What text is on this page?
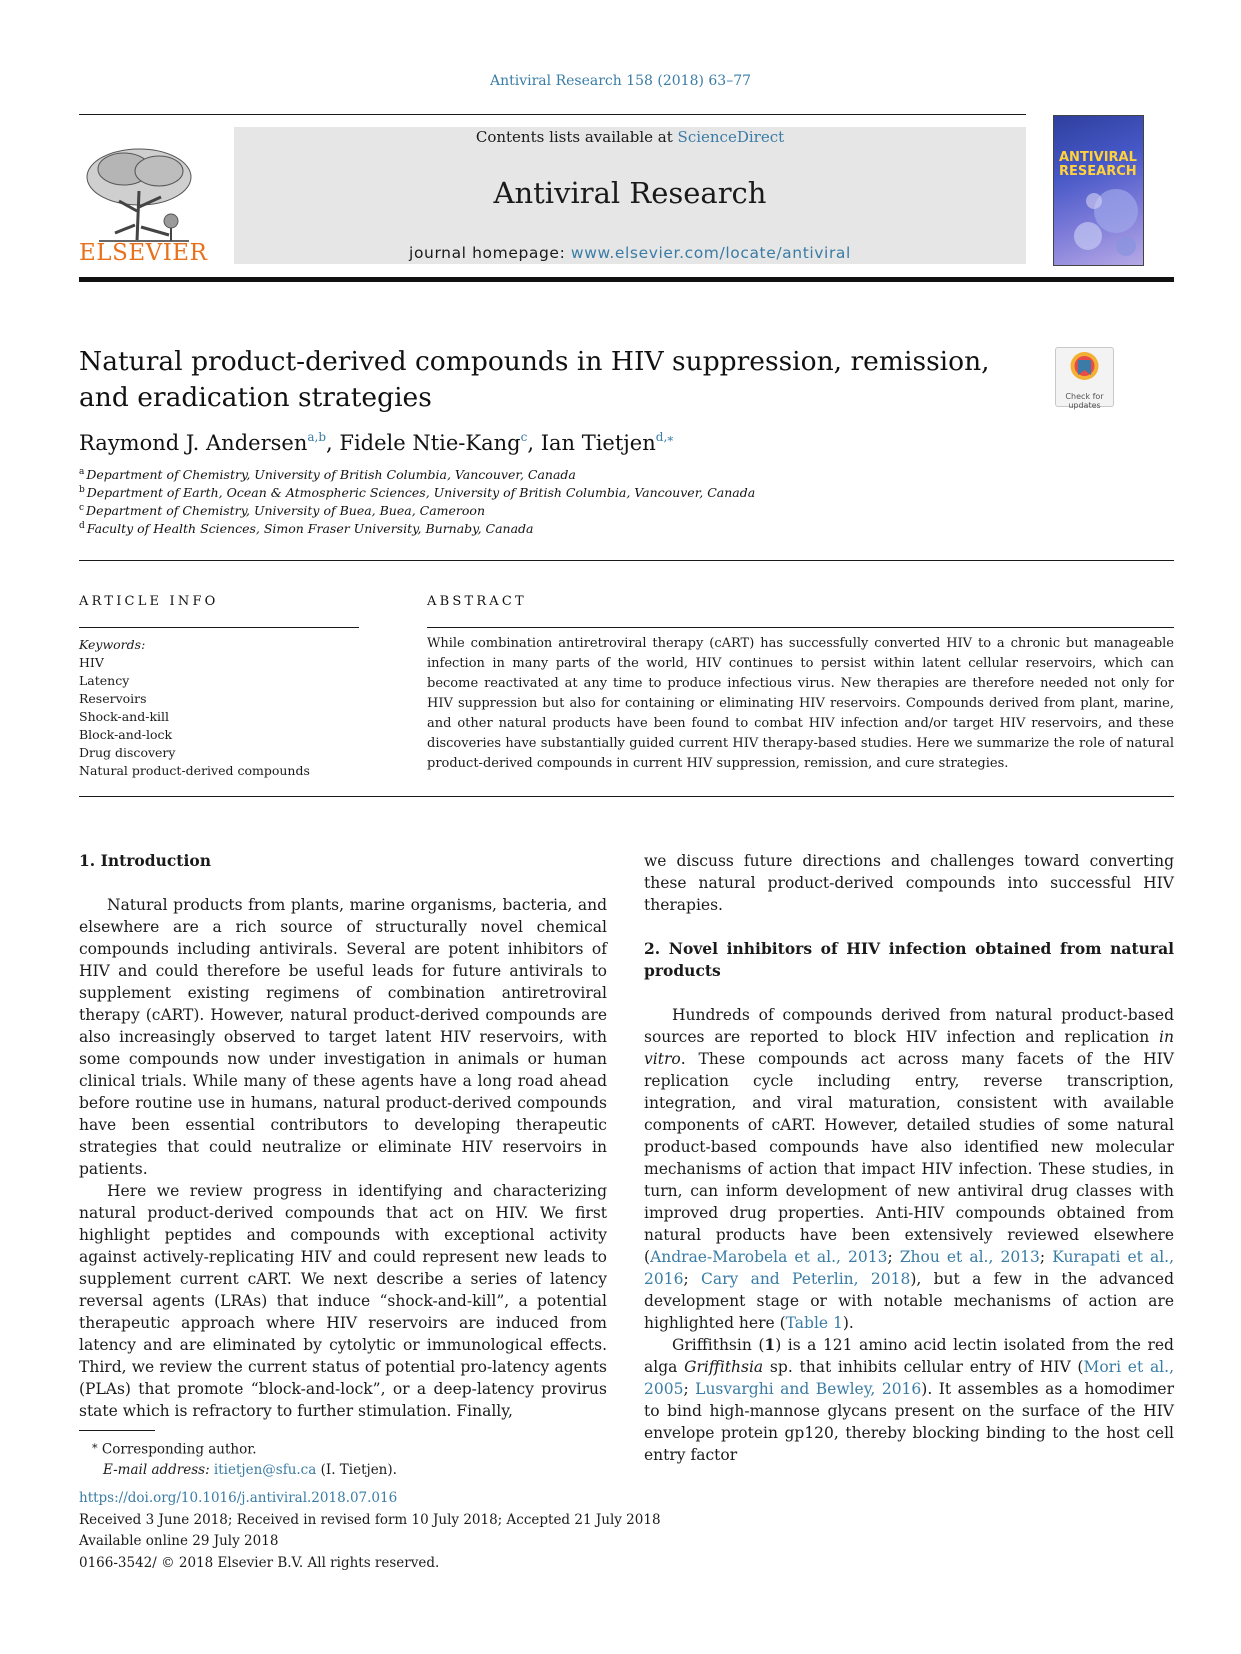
Antiviral Research 158 (2018) 63–77
ELSEVIER
Contents lists available at ScienceDirect
Antiviral Research
journal homepage: www.elsevier.com/locate/antiviral
ANTIVIRAL
RESEARCH
Natural product-derived compounds in HIV suppression, remission, and eradication strategies	Check for
updates
Raymond J. Andersen$^{a,b}$, Fidele Ntie-Kang$^c$, Ian Tietjen$^{d,⁎}$
$^a$ Department of Chemistry, University of British Columbia, Vancouver, Canada
$^b$ Department of Earth, Ocean & Atmospheric Sciences, University of British Columbia, Vancouver, Canada
$^c$ Department of Chemistry, University of Buea, Buea, Cameroon
$^d$ Faculty of Health Sciences, Simon Fraser University, Burnaby, Canada
ARTICLE INFO	ABSTRACT
Keywords:
HIV
Latency
Reservoirs
Shock-and-kill
Block-and-lock
Drug discovery
Natural product-derived compounds
While combination antiretroviral therapy (cART) has successfully converted HIV to a chronic but manageable infection in many parts of the world, HIV continues to persist within latent cellular reservoirs, which can become reactivated at any time to produce infectious virus. New therapies are therefore needed not only for HIV suppression but also for containing or eliminating HIV reservoirs. Compounds derived from plant, marine, and other natural products have been found to combat HIV infection and/or target HIV reservoirs, and these discoveries have substantially guided current HIV therapy-based studies. Here we summarize the role of natural product-derived compounds in current HIV suppression, remission, and cure strategies.

1. Introduction

Natural products from plants, marine organisms, bacteria, and elsewhere are a rich source of structurally novel chemical compounds including antivirals. Several are potent inhibitors of HIV and could therefore be useful leads for future antivirals to supplement existing regimens of combination antiretroviral therapy (cART). However, natural product-derived compounds are also increasingly observed to target latent HIV reservoirs, with some compounds now under investigation in animals or human clinical trials. While many of these agents have a long road ahead before routine use in humans, natural product-derived compounds have been essential contributors to developing therapeutic strategies that could neutralize or eliminate HIV reservoirs in patients.

Here we review progress in identifying and characterizing natural product-derived compounds that act on HIV. We first highlight peptides and compounds with exceptional activity against actively-replicating HIV and could represent new leads to supplement current cART. We next describe a series of latency reversal agents (LRAs) that induce “shock-and-kill”, a potential therapeutic approach where HIV reservoirs are induced from latency and are eliminated by cytolytic or immunological effects. Third, we review the current status of potential pro-latency agents (PLAs) that promote “block-and-lock”, or a deep-latency provirus state which is refractory to further stimulation. Finally,

we discuss future directions and challenges toward converting these natural product-derived compounds into successful HIV therapies.

2. Novel inhibitors of HIV infection obtained from natural products

Hundreds of compounds derived from natural product-based sources are reported to block HIV infection and replication in vitro. These compounds act across many facets of the HIV replication cycle including entry, reverse transcription, integration, and viral maturation, consistent with available components of cART. However, detailed studies of some natural product-based compounds have also identified new molecular mechanisms of action that impact HIV infection. These studies, in turn, can inform development of new antiviral drug classes with improved drug properties. Anti-HIV compounds obtained from natural products have been extensively reviewed elsewhere (Andrae-Marobela et al., 2013; Zhou et al., 2013; Kurapati et al., 2016; Cary and Peterlin, 2018), but a few in the advanced development stage or with notable mechanisms of action are highlighted here (Table 1).

Griffithsin (1) is a 121 amino acid lectin isolated from the red alga Griffithsia sp. that inhibits cellular entry of HIV (Mori et al., 2005; Lusvarghi and Bewley, 2016). It assembles as a homodimer to bind high-mannose glycans present on the surface of the HIV envelope protein gp120, thereby blocking binding to the host cell entry factor

⁎ Corresponding author.
E-mail address: itietjen@sfu.ca (I. Tietjen).
https://doi.org/10.1016/j.antiviral.2018.07.016
Received 3 June 2018; Received in revised form 10 July 2018; Accepted 21 July 2018
Available online 29 July 2018
0166-3542/ © 2018 Elsevier B.V. All rights reserved.
